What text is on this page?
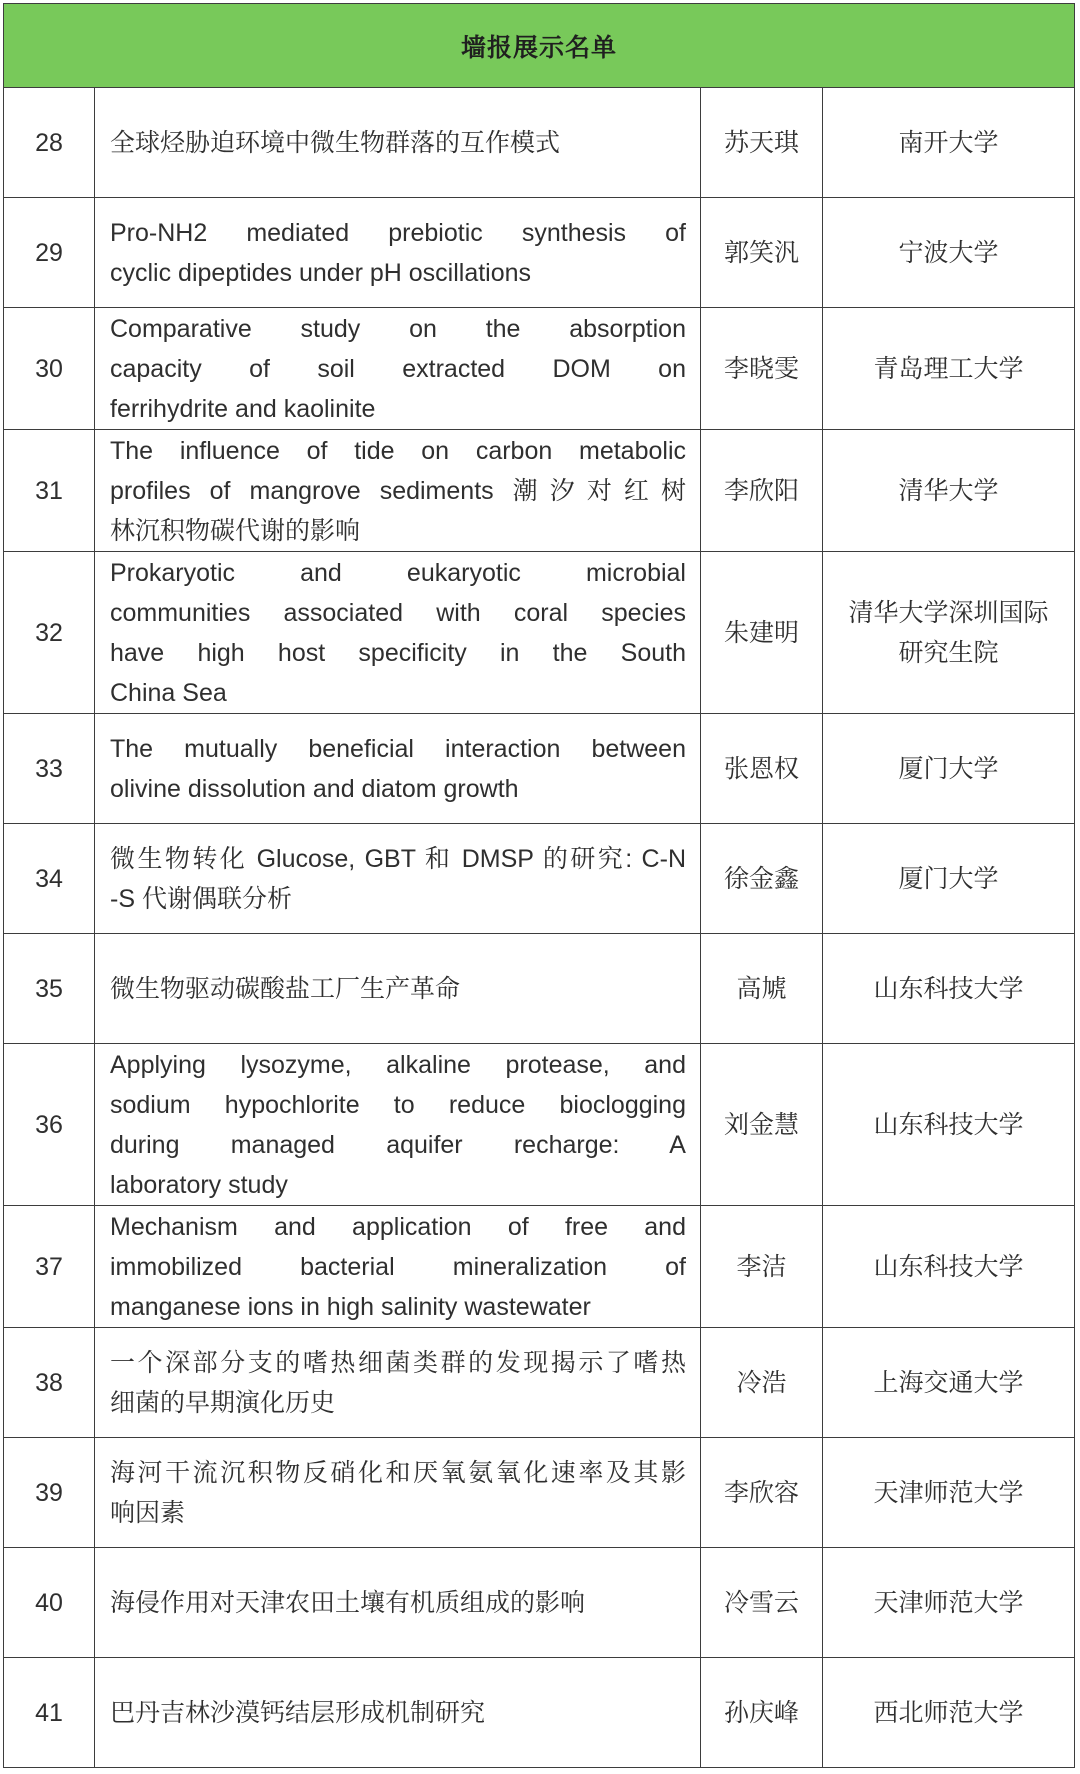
墙报展示名单			
28	全球烃胁迫环境中微生物群落的互作模式	苏天琪	南开大学

29	Pro-NH2 mediated prebiotic synthesis of
cyclic dipeptides under pH oscillations	郭笑汎	宁波大学

30	Comparative study on the absorption
capacity of soil extracted DOM on
ferrihydrite and kaolinite	李晓雯	青岛理工大学

31	The influence of tide on carbon metabolic
profiles of mangrove sediments 潮汐对红树
林沉积物碳代谢的影响	李欣阳	清华大学

32	Prokaryotic and eukaryotic microbial
communities associated with coral species
have high host specificity in the South
China Sea	朱建明	清华大学深圳国际
研究生院

33	The mutually beneficial interaction between
olivine dissolution and diatom growth	张恩权	厦门大学

34	微生物转化 Glucose, GBT 和 DMSP 的研究: C-N
-S 代谢偶联分析	徐金鑫	厦门大学

35	微生物驱动碳酸盐工厂生产革命	高虓	山东科技大学

36	Applying lysozyme, alkaline protease, and
sodium hypochlorite to reduce bioclogging
during managed aquifer recharge: A
laboratory study	刘金慧	山东科技大学

37	Mechanism and application of free and
immobilized bacterial mineralization of
manganese ions in high salinity wastewater	李洁	山东科技大学

38	一个深部分支的嗜热细菌类群的发现揭示了嗜热
细菌的早期演化历史	冷浩	上海交通大学

39	海河干流沉积物反硝化和厌氧氨氧化速率及其影
响因素	李欣容	天津师范大学

40	海侵作用对天津农田土壤有机质组成的影响	冷雪云	天津师范大学

41	巴丹吉林沙漠钙结层形成机制研究	孙庆峰	西北师范大学
